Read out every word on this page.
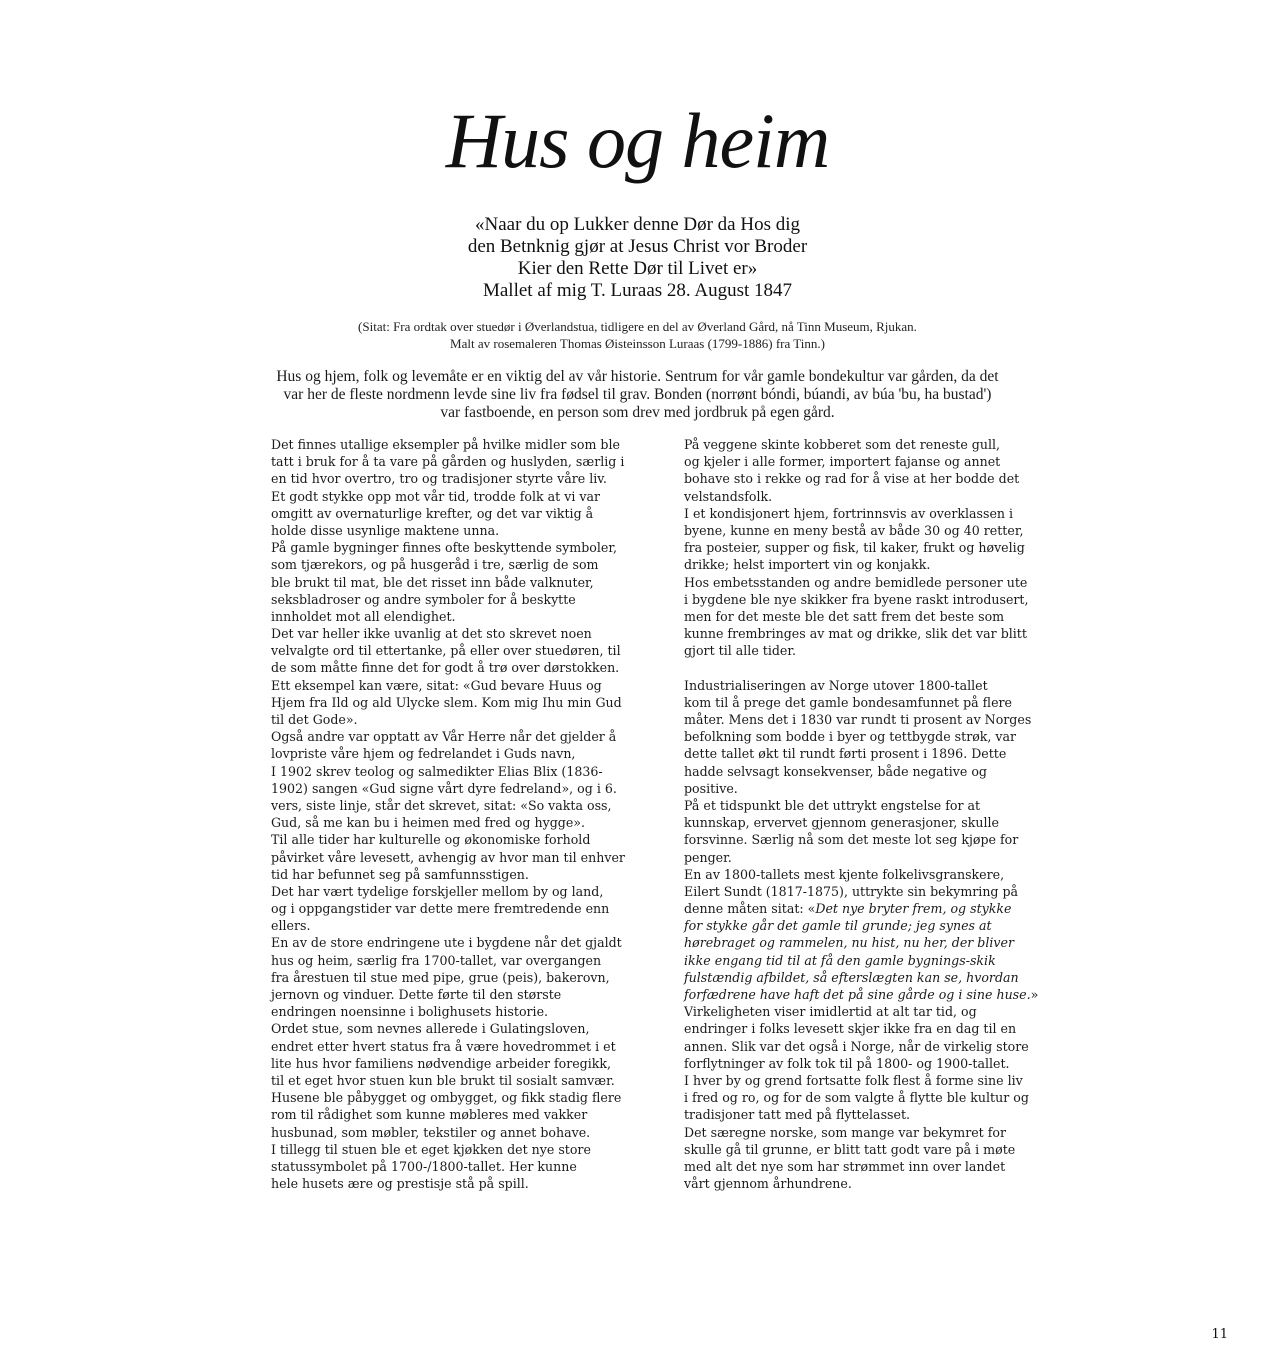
Hus og heim
«Naar du op Lukker denne Dør da Hos dig
den Betnknig gjør at Jesus Christ vor Broder
Kier den Rette Dør til Livet er»
Mallet af mig T. Luraas 28. August 1847
(Sitat: Fra ordtak over stuedør i Øverlandstua, tidligere en del av Øverland Gård, nå Tinn Museum, Rjukan.
Malt av rosemaleren Thomas Øisteinsson Luraas (1799-1886) fra Tinn.)
Hus og hjem, folk og levemåte er en viktig del av vår historie. Sentrum for vår gamle bondekultur var gården, da det
var her de fleste nordmenn levde sine liv fra fødsel til grav. Bonden (norrønt bóndi, búandi, av búa 'bu, ha bustad')
var fastboende, en person som drev med jordbruk på egen gård.
Det finnes utallige eksempler på hvilke midler som ble
tatt i bruk for å ta vare på gården og huslyden, særlig i
en tid hvor overtro, tro og tradisjoner styrte våre liv.
Et godt stykke opp mot vår tid, trodde folk at vi var
omgitt av overnaturlige krefter, og det var viktig å
holde disse usynlige maktene unna.
På gamle bygninger finnes ofte beskyttende symboler,
som tjærekors, og på husgeråd i tre, særlig de som
ble brukt til mat, ble det risset inn både valknuter,
seksbladroser og andre symboler for å beskytte
innholdet mot all elendighet.
Det var heller ikke uvanlig at det sto skrevet noen
velvalgte ord til ettertanke, på eller over stuedøren, til
de som måtte finne det for godt å trø over dørstokken.
Ett eksempel kan være, sitat: «Gud bevare Huus og
Hjem fra Ild og ald Ulycke slem. Kom mig Ihu min Gud
til det Gode».
Også andre var opptatt av Vår Herre når det gjelder å
lovpriste våre hjem og fedrelandet i Guds navn,
I 1902 skrev teolog og salmedikter Elias Blix (1836-
1902) sangen «Gud signe vårt dyre fedreland», og i 6.
vers, siste linje, står det skrevet, sitat: «So vakta oss,
Gud, så me kan bu i heimen med fred og hygge».
Til alle tider har kulturelle og økonomiske forhold
påvirket våre levesett, avhengig av hvor man til enhver
tid har befunnet seg på samfunnsstigen.
Det har vært tydelige forskjeller mellom by og land,
og i oppgangstider var dette mere fremtredende enn
ellers.
En av de store endringene ute i bygdene når det gjaldt
hus og heim, særlig fra 1700-tallet, var overgangen
fra årestuen til stue med pipe, grue (peis), bakerovn,
jernovn og vinduer. Dette førte til den største
endringen noensinne i bolighusets historie.
Ordet stue, som nevnes allerede i Gulatingsloven,
endret etter hvert status fra å være hovedrommet i et
lite hus hvor familiens nødvendige arbeider foregikk,
til et eget hvor stuen kun ble brukt til sosialt samvær.
Husene ble påbygget og ombygget, og fikk stadig flere
rom til rådighet som kunne møbleres med vakker
husbunad, som møbler, tekstiler og annet bohave.
I tillegg til stuen ble et eget kjøkken det nye store
statussymbolet på 1700-/1800-tallet. Her kunne
hele husets ære og prestisje stå på spill.
På veggene skinte kobberet som det reneste gull,
og kjeler i alle former, importert fajanse og annet
bohave sto i rekke og rad for å vise at her bodde det
velstandsfolk.
I et kondisjonert hjem, fortrinnsvis av overklassen i
byene, kunne en meny bestå av både 30 og 40 retter,
fra posteier, supper og fisk, til kaker, frukt og høvelig
drikke; helst importert vin og konjakk.
Hos embetsstanden og andre bemidlede personer ute
i bygdene ble nye skikker fra byene raskt introdusert,
men for det meste ble det satt frem det beste som
kunne frembringes av mat og drikke, slik det var blitt
gjort til alle tider.
Industrialiseringen av Norge utover 1800-tallet
kom til å prege det gamle bondesamfunnet på flere
måter. Mens det i 1830 var rundt ti prosent av Norges
befolkning som bodde i byer og tettbygde strøk, var
dette tallet økt til rundt førti prosent i 1896. Dette
hadde selvsagt konsekvenser, både negative og
positive.
På et tidspunkt ble det uttrykt engstelse for at
kunnskap, ervervet gjennom generasjoner, skulle
forsvinne. Særlig nå som det meste lot seg kjøpe for
penger.
En av 1800-tallets mest kjente folkelivsgranskere,
Eilert Sundt (1817-1875), uttrykte sin bekymring på
denne måten sitat: «Det nye bryter frem, og stykke
for stykke går det gamle til grunde; jeg synes at
hørebraget og rammelen, nu hist, nu her, der bliver
ikke engang tid til at få den gamle bygnings-skik
fulstændig afbildet, så efterslægten kan se, hvordan
forfædrene have haft det på sine gårde og i sine huse.»
Virkeligheten viser imidlertid at alt tar tid, og
endringer i folks levesett skjer ikke fra en dag til en
annen. Slik var det også i Norge, når de virkelig store
forflytninger av folk tok til på 1800- og 1900-tallet.
I hver by og grend fortsatte folk flest å forme sine liv
i fred og ro, og for de som valgte å flytte ble kultur og
tradisjoner tatt med på flyttelasset.
Det særegne norske, som mange var bekymret for
skulle gå til grunne, er blitt tatt godt vare på i møte
med alt det nye som har strømmet inn over landet
vårt gjennom århundrene.
11
